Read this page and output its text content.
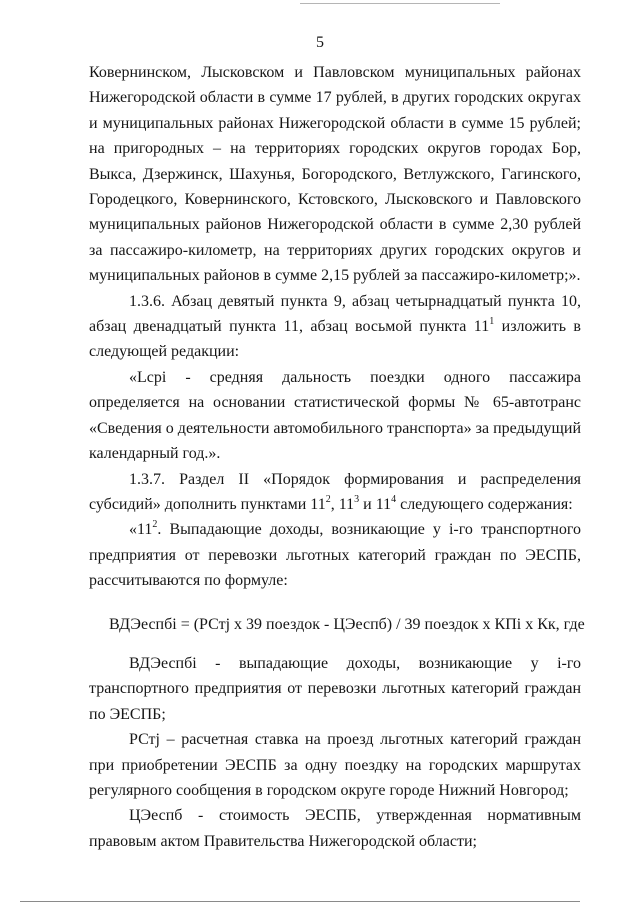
5

Ковернинском, Лысковском и Павловском муниципальных районах Нижегородской области в сумме 17 рублей, в других городских округах и муниципальных районах Нижегородской области в сумме 15 рублей; на пригородных – на территориях городских округов городах Бор, Выкса, Дзержинск, Шахунья, Богородского, Ветлужского, Гагинского, Городецкого, Ковернинского, Кстовского, Лысковского и Павловского муниципальных районов Нижегородской области в сумме 2,30 рублей за пассажиро-километр, на территориях других городских округов и муниципальных районов в сумме 2,15 рублей за пассажиро-километр;».

1.3.6. Абзац девятый пункта 9, абзац четырнадцатый пункта 10, абзац двенадцатый пункта 11, абзац восьмой пункта $11^1$ изложить в следующей редакции:

«Lcpi - средняя дальность поездки одного пассажира определяется на основании статистической формы № 65-автотранс «Сведения о деятельности автомобильного транспорта» за предыдущий календарный год.».

1.3.7. Раздел II «Порядок формирования и распределения субсидий» дополнить пунктами $11^2$, $11^3$ и $11^4$ следующего содержания:

«$11^2$. Выпадающие доходы, возникающие у i-го транспортного предприятия от перевозки льготных категорий граждан по ЭЕСПБ, рассчитываются по формуле:

ВДЭеспбi = (РСтj х 39 поездок - ЦЭеспб) / 39 поездок х КПi х Кк, где

ВДЭеспбi - выпадающие доходы, возникающие у i-го транспортного предприятия от перевозки льготных категорий граждан по ЭЕСПБ;

РСтj – расчетная ставка на проезд льготных категорий граждан при приобретении ЭЕСПБ за одну поездку на городских маршрутах регулярного сообщения в городском округе городе Нижний Новгород;

ЦЭеспб - стоимость ЭЕСПБ, утвержденная нормативным правовым актом Правительства Нижегородской области;
